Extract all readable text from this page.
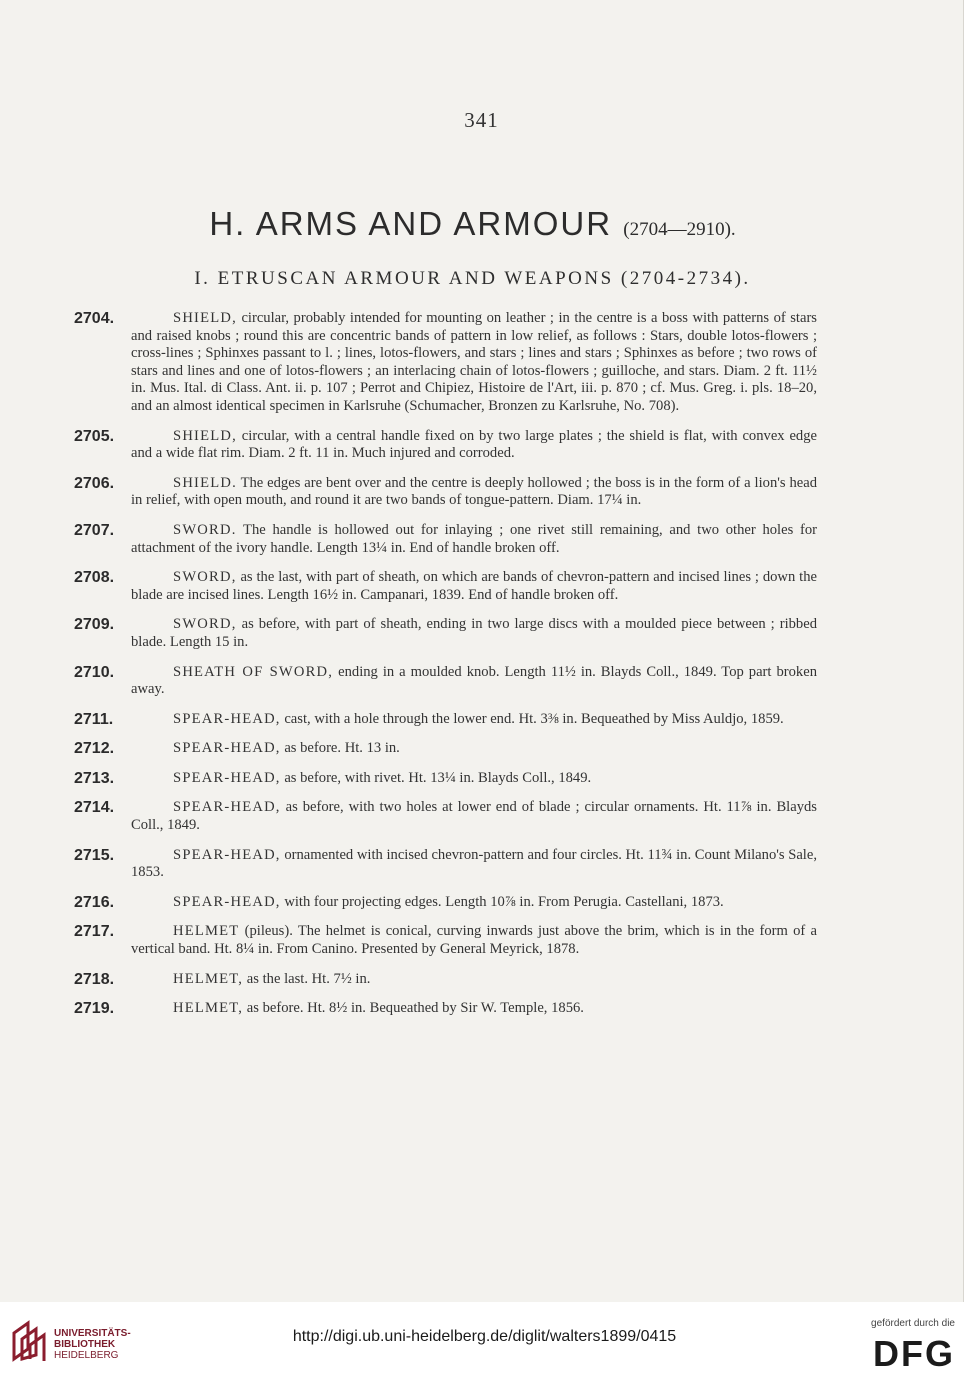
341
H. ARMS AND ARMOUR (2704—2910).
I. ETRUSCAN ARMOUR AND WEAPONS (2704-2734).
2704.	SHIELD, circular, probably intended for mounting on leather ; in the centre is a boss with patterns of stars and raised knobs ; round this are concentric bands of pattern in low relief, as follows : Stars, double lotos-flowers ; cross-lines ; Sphinxes passant to l. ; lines, lotos-flowers, and stars ; lines and stars ; Sphinxes as before ; two rows of stars and lines and one of lotos-flowers ; an interlacing chain of lotos-flowers ; guilloche, and stars. Diam. 2 ft. 11½ in. Mus. Ital. di Class. Ant. ii. p. 107 ; Perrot and Chipiez, Histoire de l'Art, iii. p. 870 ; cf. Mus. Greg. i. pls. 18–20, and an almost identical specimen in Karlsruhe (Schumacher, Bronzen zu Karlsruhe, No. 708).
2705.	SHIELD, circular, with a central handle fixed on by two large plates ; the shield is flat, with convex edge and a wide flat rim. Diam. 2 ft. 11 in. Much injured and corroded.
2706.	SHIELD. The edges are bent over and the centre is deeply hollowed ; the boss is in the form of a lion's head in relief, with open mouth, and round it are two bands of tongue-pattern. Diam. 17¼ in.
2707.	SWORD. The handle is hollowed out for inlaying ; one rivet still remaining, and two other holes for attachment of the ivory handle. Length 13¼ in. End of handle broken off.
2708.	SWORD, as the last, with part of sheath, on which are bands of chevron-pattern and incised lines ; down the blade are incised lines. Length 16½ in. Campanari, 1839. End of handle broken off.
2709.	SWORD, as before, with part of sheath, ending in two large discs with a moulded piece between ; ribbed blade. Length 15 in.
2710.	SHEATH OF SWORD, ending in a moulded knob. Length 11½ in. Blayds Coll., 1849. Top part broken away.
2711.	SPEAR-HEAD, cast, with a hole through the lower end. Ht. 3⅜ in. Bequeathed by Miss Auldjo, 1859.
2712.	SPEAR-HEAD, as before. Ht. 13 in.
2713.	SPEAR-HEAD, as before, with rivet. Ht. 13¼ in. Blayds Coll., 1849.
2714.	SPEAR-HEAD, as before, with two holes at lower end of blade ; circular ornaments. Ht. 11⅞ in. Blayds Coll., 1849.
2715.	SPEAR-HEAD, ornamented with incised chevron-pattern and four circles. Ht. 11¾ in. Count Milano's Sale, 1853.
2716.	SPEAR-HEAD, with four projecting edges. Length 10⅞ in. From Perugia. Castellani, 1873.
2717.	HELMET (pileus). The helmet is conical, curving inwards just above the brim, which is in the form of a vertical band. Ht. 8¼ in. From Canino. Presented by General Meyrick, 1878.
2718.	HELMET, as the last. Ht. 7½ in.
2719.	HELMET, as before. Ht. 8½ in. Bequeathed by Sir W. Temple, 1856.
UNIVERSITÄTS-
BIBLIOTHEK
HEIDELBERG
http://digi.ub.uni-heidelberg.de/diglit/walters1899/0415
gefördert durch die
DFG
